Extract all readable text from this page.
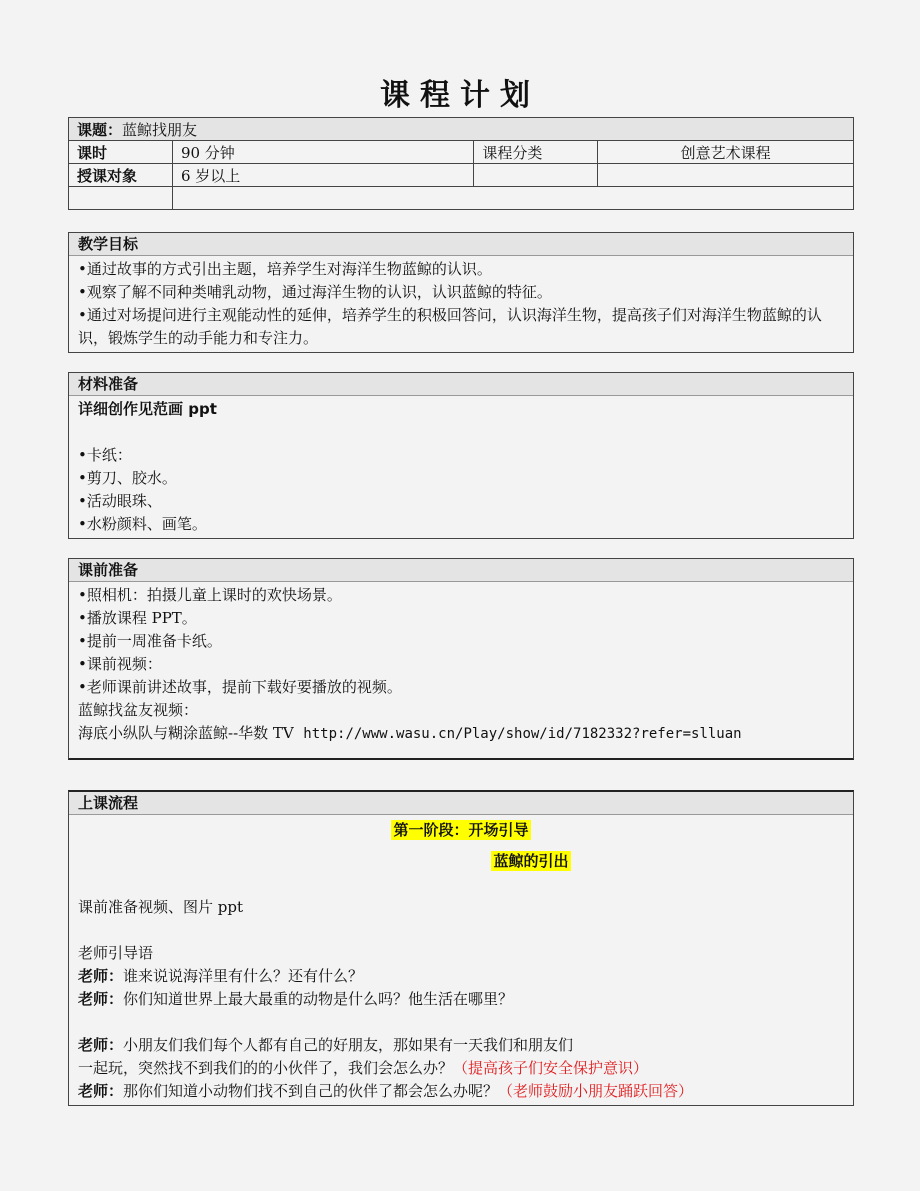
课程计划
课题：蓝鲸找朋友			
课时	90 分钟	课程分类	创意艺术课程
授课对象	6 岁以上		

教学目标
•通过故事的方式引出主题，培养学生对海洋生物蓝鲸的认识。
•观察了解不同种类哺乳动物，通过海洋生物的认识，认识蓝鲸的特征。
•通过对场提问进行主观能动性的延伸，培养学生的积极回答问，认识海洋生物，提高孩子们对海洋生物蓝鲸的认识，锻炼学生的动手能力和专注力。
材料准备
详细创作见范画 ppt
•卡纸：
•剪刀、胶水。
•活动眼珠、
•水粉颜料、画笔。
课前准备
•照相机：拍摄儿童上课时的欢快场景。
•播放课程 PPT。
•提前一周准备卡纸。
•课前视频：
•老师课前讲述故事，提前下载好要播放的视频。
蓝鲸找盆友视频：
海底小纵队与糊涂蓝鲸--华数 TV http://www.wasu.cn/Play/show/id/7182332?refer=slluan
上课流程
第一阶段：开场引导
蓝鲸的引出
课前准备视频、图片 ppt
老师引导语
老师：谁来说说海洋里有什么？还有什么？
老师：你们知道世界上最大最重的动物是什么吗？他生活在哪里？
老师：小朋友们我们每个人都有自己的好朋友，那如果有一天我们和朋友们
一起玩，突然找不到我们的的小伙伴了，我们会怎么办？（提高孩子们安全保护意识）
老师：那你们知道小动物们找不到自己的伙伴了都会怎么办呢？（老师鼓励小朋友踊跃回答）
